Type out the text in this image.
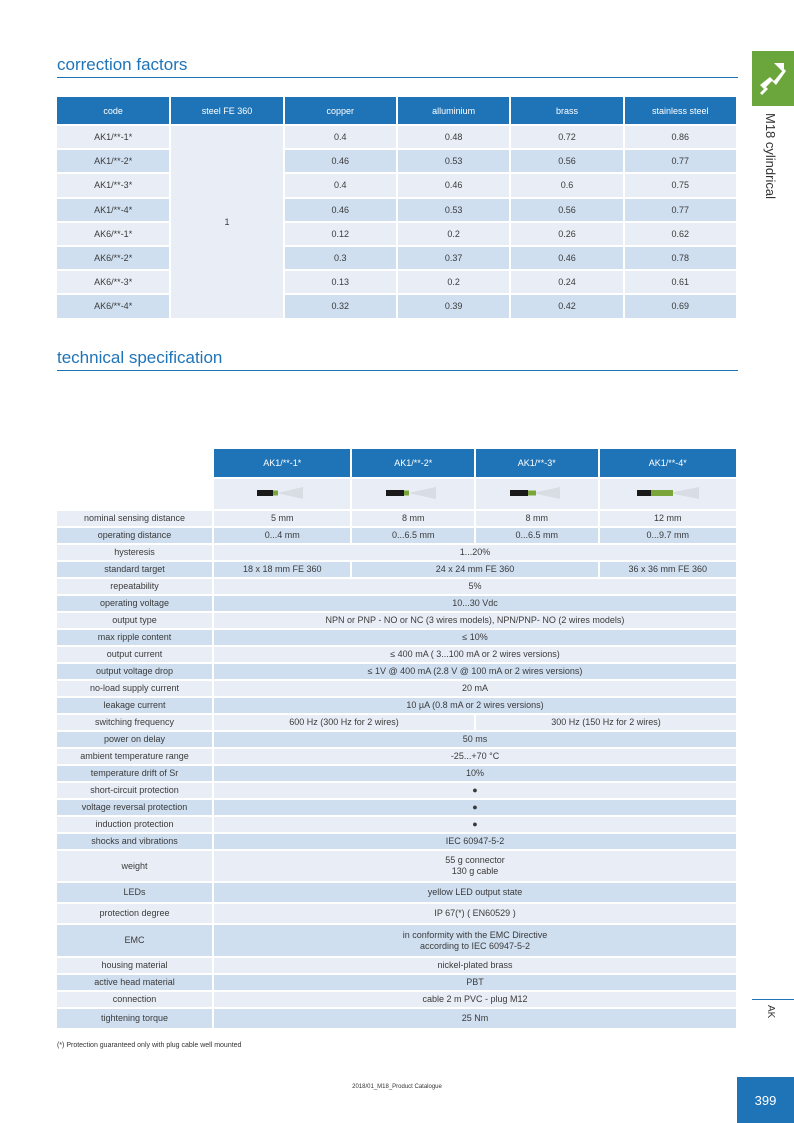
correction factors
code	steel FE 360	copper	alluminium	brass	stainless steel
AK1/**-1*	1	0.4	0.48	0.72	0.86
AK1/**-2*		0.46	0.53	0.56	0.77
AK1/**-3*		0.4	0.46	0.6	0.75
AK1/**-4*		0.46	0.53	0.56	0.77
AK6/**-1*		0.12	0.2	0.26	0.62
AK6/**-2*		0.3	0.37	0.46	0.78
AK6/**-3*		0.13	0.2	0.24	0.61
AK6/**-4*		0.32	0.39	0.42	0.69
technical specification
	AK1/**-1*	AK1/**-2*	AK1/**-3*	AK1/**-4*

nominal sensing distance	5 mm	8 mm	8 mm	12 mm
operating distance	0...4 mm	0...6.5 mm	0...6.5 mm	0...9.7 mm
hysteresis	1...20%			
standard target	18 x 18 mm FE 360	24 x 24 mm FE 360		36 x 36 mm FE 360
repeatability	5%			
operating voltage	10...30 Vdc			
output type	NPN or PNP - NO or NC (3 wires models), NPN/PNP- NO (2 wires models)			
max ripple content	≤ 10%			
output current	≤ 400 mA ( 3...100 mA or 2 wires versions)			
output voltage drop	≤ 1V @ 400 mA (2.8 V @ 100 mA or 2 wires versions)			
no-load supply current	20 mA			
leakage current	10 µA (0.8 mA or 2 wires versions)			
switching frequency	600 Hz (300 Hz for 2 wires)		300 Hz (150 Hz for 2 wires)	
power on delay	50 ms			
ambient temperature range	-25...+70 °C			
temperature drift of Sr	10%			
short-circuit protection	●			
voltage reversal protection	●			
induction protection	●			
shocks and vibrations	IEC 60947-5-2			
weight	55 g connector
130 g cable			

LEDs	yellow LED output state			
protection degree	IP 67(*) ( EN60529 )			
EMC	in conformity with the EMC Directive
according to IEC 60947-5-2			

housing material	nickel-plated brass			
active head material	PBT			
connection	cable 2 m PVC - plug M12			
tightening torque	25 Nm			
(*) Protection guaranteed only with plug cable well mounted
2018/01_M18_Product Catalogue
M18 cylindrical
AK
399
